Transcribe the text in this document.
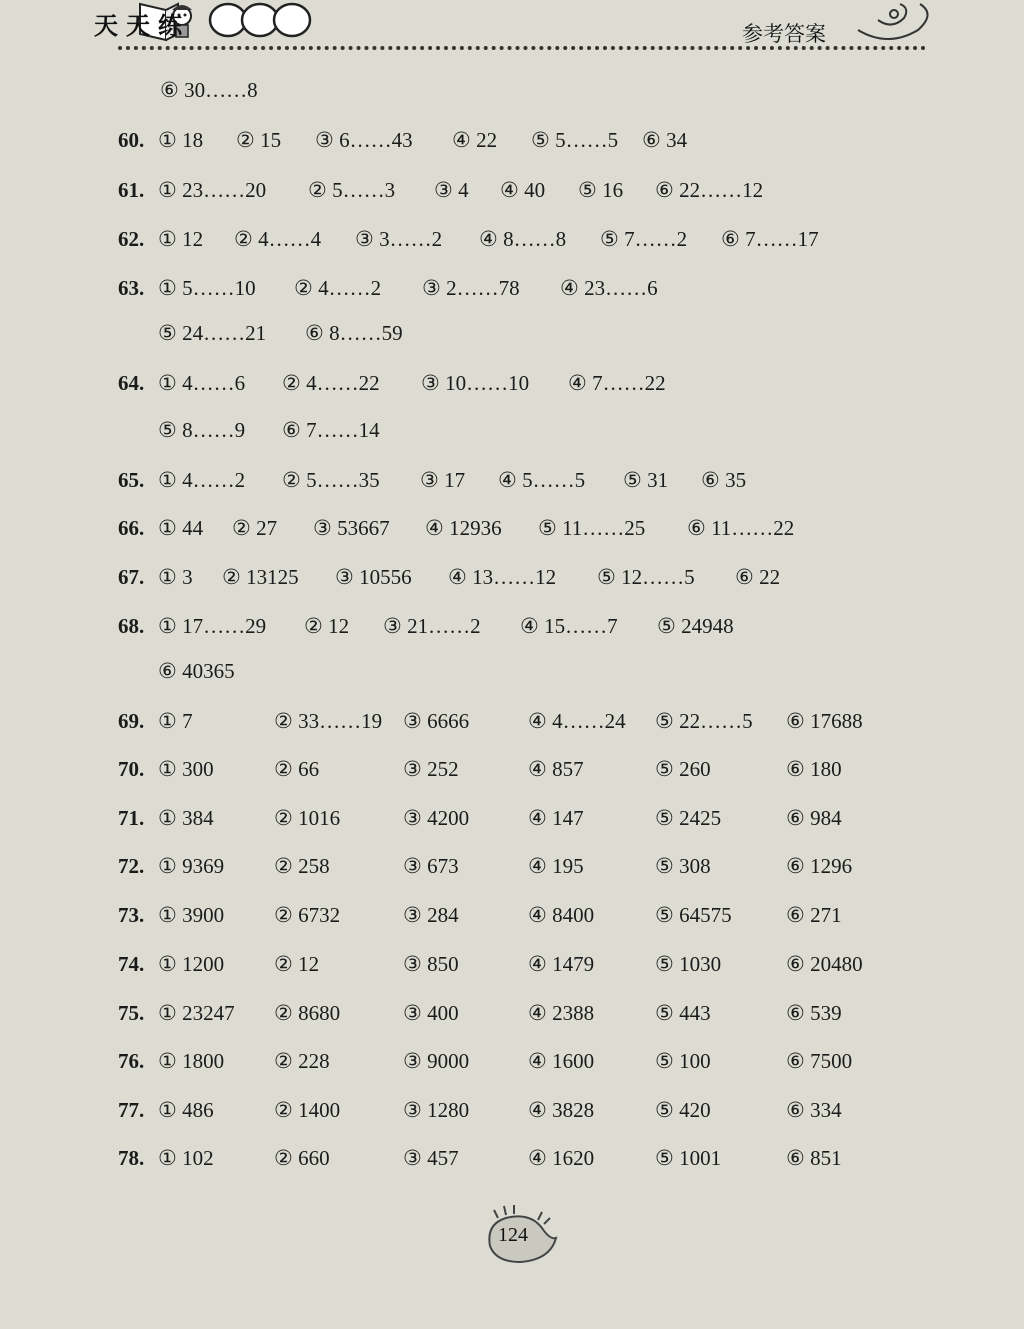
天天练	参考答案
⑥ 30……8
60. ① 18 ② 15 ③ 6……43 ④ 22 ⑤ 5……5 ⑥ 34
61. ① 23……20 ② 5……3 ③ 4 ④ 40 ⑤ 16 ⑥ 22……12
62. ① 12 ② 4……4 ③ 3……2 ④ 8……8 ⑤ 7……2 ⑥ 7……17
63. ① 5……10 ② 4……2 ③ 2……78 ④ 23……6
⑤ 24……21 ⑥ 8……59
64. ① 4……6 ② 4……22 ③ 10……10 ④ 7……22
⑤ 8……9 ⑥ 7……14
65. ① 4……2 ② 5……35 ③ 17 ④ 5……5 ⑤ 31 ⑥ 35
66. ① 44 ② 27 ③ 53667 ④ 12936 ⑤ 11……25 ⑥ 11……22
67. ① 3 ② 13125 ③ 10556 ④ 13……12 ⑤ 12……5 ⑥ 22
68. ① 17……29 ② 12 ③ 21……2 ④ 15……7 ⑤ 24948
⑥ 40365
69. ① 7	② 33……19 ③ 6666	④ 4……24 ⑤ 22……5 ⑥ 17688
70. ① 300	② 66	③ 252	④ 857	⑤ 260	⑥ 180
71. ① 384	② 1016	③ 4200	④ 147	⑤ 2425	⑥ 984
72. ① 9369 ② 258	③ 673	④ 195	⑤ 308	⑥ 1296
73. ① 3900 ② 6732	③ 284	④ 8400	⑤ 64575	⑥ 271
74. ① 1200 ② 12	③ 850	④ 1479	⑤ 1030	⑥ 20480
75. ① 23247 ② 8680	③ 400	④ 2388	⑤ 443	⑥ 539
76. ① 1800 ② 228	③ 9000	④ 1600	⑤ 100	⑥ 7500
77. ① 486	② 1400	③ 1280	④ 3828	⑤ 420	⑥ 334
78. ① 102	② 660	③ 457	④ 1620	⑤ 1001	⑥ 851
124
